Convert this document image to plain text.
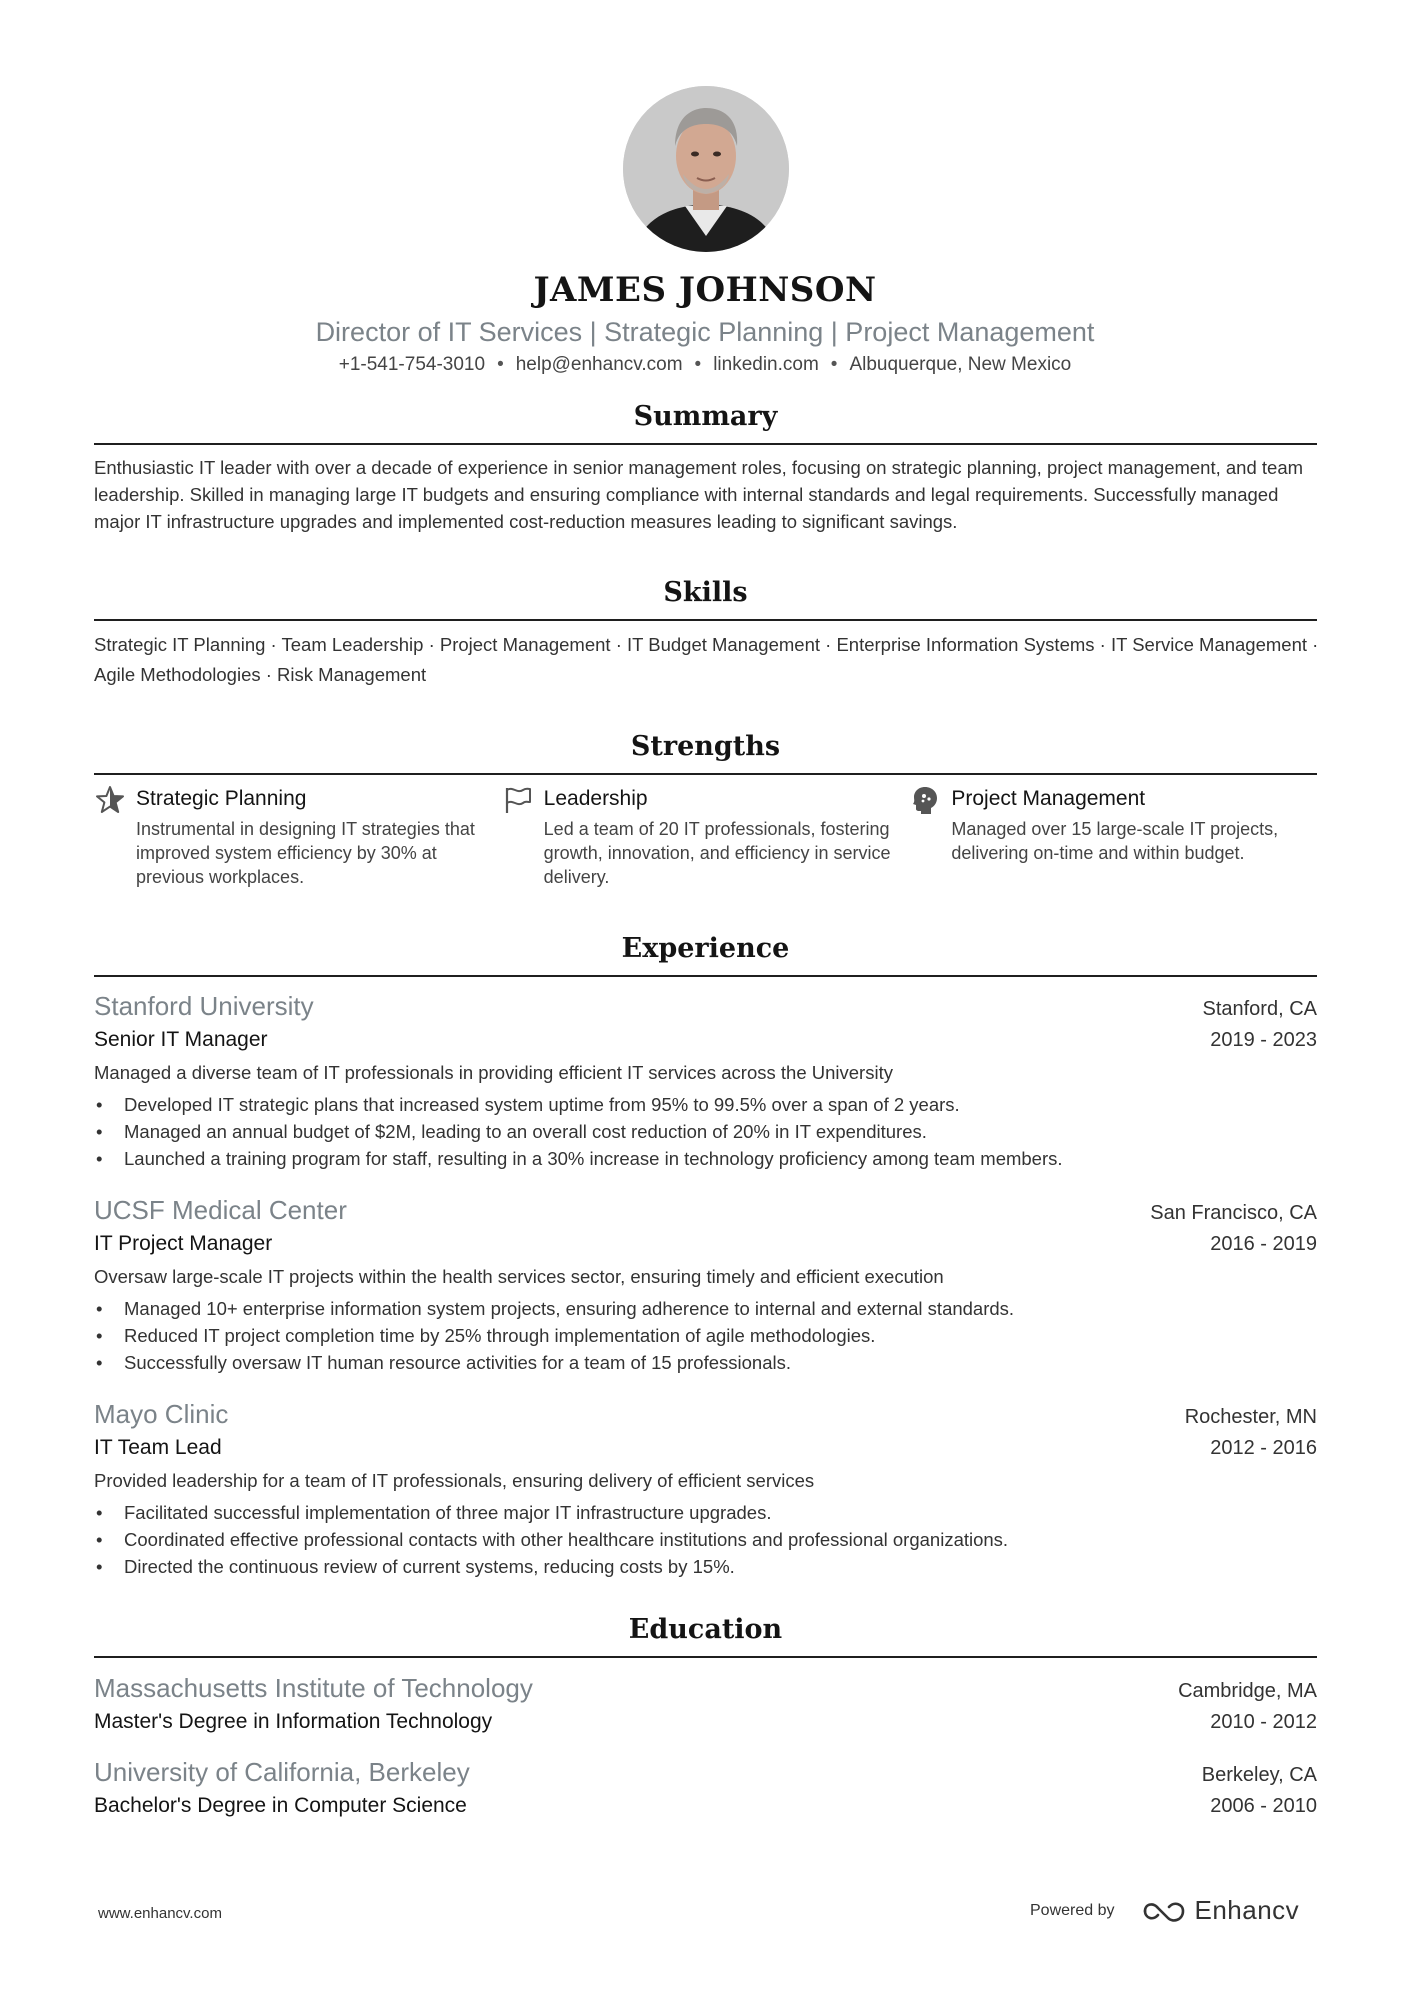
JAMES JOHNSON
Director of IT Services | Strategic Planning | Project Management
+1-541-754-3010 • help@enhancv.com • linkedin.com • Albuquerque, New Mexico
Summary
Enthusiastic IT leader with over a decade of experience in senior management roles, focusing on strategic planning, project management, and team leadership. Skilled in managing large IT budgets and ensuring compliance with internal standards and legal requirements. Successfully managed major IT infrastructure upgrades and implemented cost-reduction measures leading to significant savings.
Skills
Strategic IT Planning · Team Leadership · Project Management · IT Budget Management · Enterprise Information Systems · IT Service Management · Agile Methodologies · Risk Management
Strengths
Strategic Planning
Instrumental in designing IT strategies that improved system efficiency by 30% at previous workplaces.
Leadership
Led a team of 20 IT professionals, fostering growth, innovation, and efficiency in service delivery.
Project Management
Managed over 15 large-scale IT projects, delivering on-time and within budget.
Experience
Stanford University	Stanford, CA
Senior IT Manager	2019 - 2023
Managed a diverse team of IT professionals in providing efficient IT services across the University
• Developed IT strategic plans that increased system uptime from 95% to 99.5% over a span of 2 years.
• Managed an annual budget of $2M, leading to an overall cost reduction of 20% in IT expenditures.
• Launched a training program for staff, resulting in a 30% increase in technology proficiency among team members.
UCSF Medical Center	San Francisco, CA
IT Project Manager	2016 - 2019
Oversaw large-scale IT projects within the health services sector, ensuring timely and efficient execution
• Managed 10+ enterprise information system projects, ensuring adherence to internal and external standards.
• Reduced IT project completion time by 25% through implementation of agile methodologies.
• Successfully oversaw IT human resource activities for a team of 15 professionals.
Mayo Clinic	Rochester, MN
IT Team Lead	2012 - 2016
Provided leadership for a team of IT professionals, ensuring delivery of efficient services
• Facilitated successful implementation of three major IT infrastructure upgrades.
• Coordinated effective professional contacts with other healthcare institutions and professional organizations.
• Directed the continuous review of current systems, reducing costs by 15%.
Education
Massachusetts Institute of Technology	Cambridge, MA
Master's Degree in Information Technology	2010 - 2012
University of California, Berkeley	Berkeley, CA
Bachelor's Degree in Computer Science	2006 - 2010
www.enhancv.com	Powered by	Enhancv
